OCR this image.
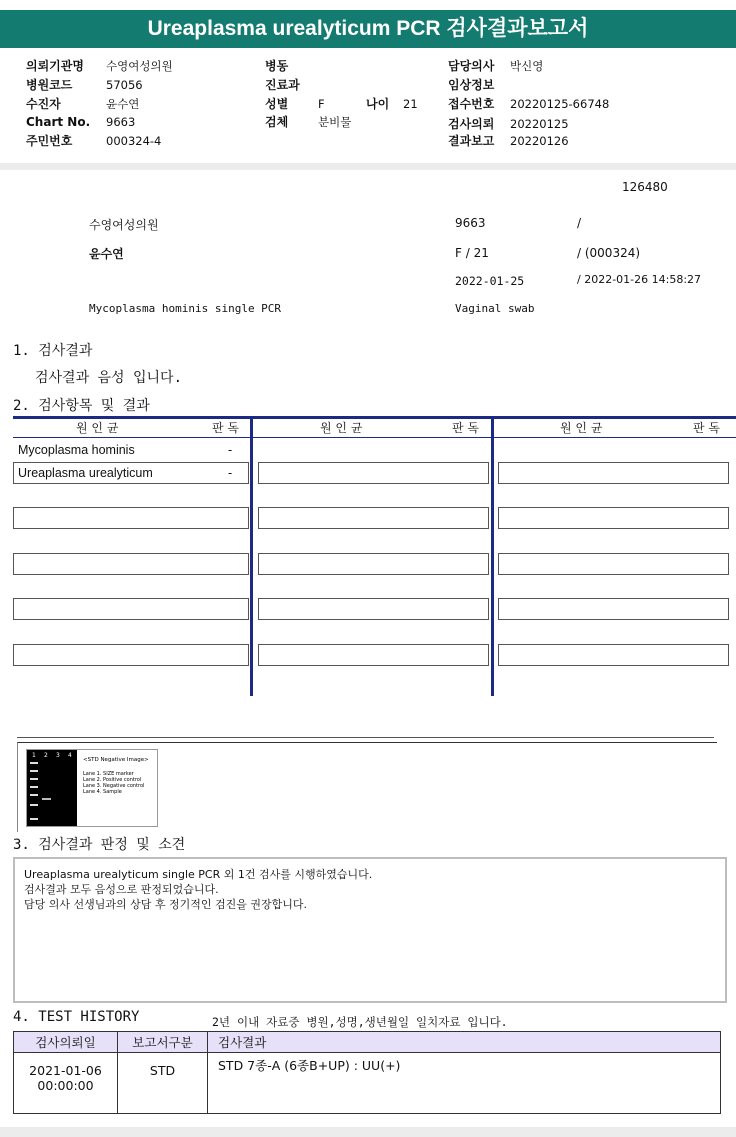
Ureaplasma urealyticum PCR 검사결과보고서
의뢰기관명 수영여성의원
병원코드	57056
수진자	윤수연
Chart No. 9663
주민번호	000324-4
병동
진료과
성별	F	나이 21
검체	분비물
담당의사 박신영
임상정보
접수번호 20220125-66748
검사의뢰 20220125
결과보고 20220126
126480
수영여성의원	9663	/
윤수연	F / 21	/ (000324)
2022-01-25	/ 2022-01-26 14:58:27
Mycoplasma hominis single PCR	Vaginal swab
1. 검사결과
검사결과 음성 입니다.
2. 검사항목 및 결과
원 인 균	판 독	원 인 균	판 독	원 인 균	판 독
Mycoplasma hominis	-
Ureaplasma urealyticum	-
1 2 3 4
<STD Negative Image>
Lane 1. SIZE marker
Lane 2. Positive control
Lane 3. Negative control
Lane 4. Sample
3. 검사결과 판정 및 소견
Ureaplasma urealyticum single PCR 외 1건 검사를 시행하였습니다.
검사결과 모두 음성으로 판정되었습니다.
담당 의사 선생님과의 상담 후 정기적인 검진을 권장합니다.
4. TEST HISTORY	2년 이내 자료중 병원,성명,생년월일 일치자료 입니다.
검사의뢰일	보고서구분	검사결과

2021-01-06
00:00:00	STD	STD 7종-A (6종B+UP) : UU(+)
